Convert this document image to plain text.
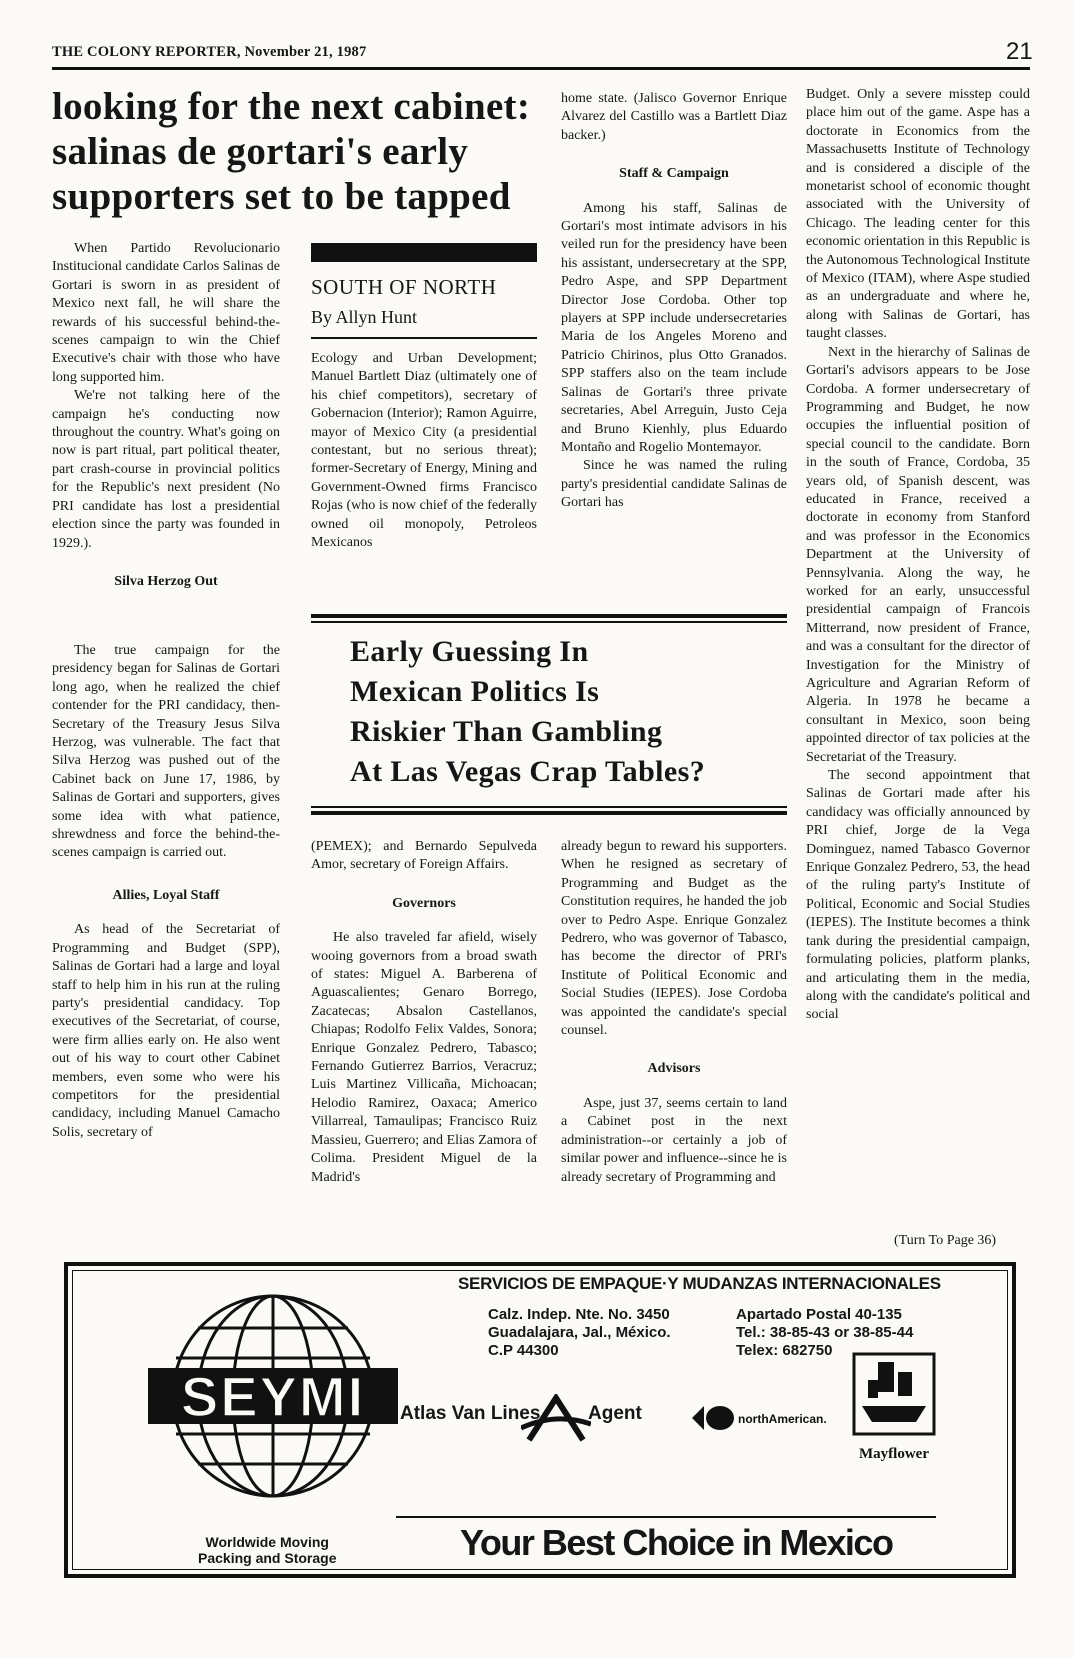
THE COLONY REPORTER, November 21, 1987	21
looking for the next cabinet: salinas de gortari's early supporters set to be tapped

When Partido Revolucionario Institucional candidate Carlos Salinas de Gortari is sworn in as president of Mexico next fall, he will share the rewards of his successful behind-the-scenes campaign to win the Chief Executive's chair with those who have long supported him.

We're not talking here of the campaign he's conducting now throughout the country. What's going on now is part ritual, part political theater, part crash-course in provincial politics for the Republic's next president (No PRI candidate has lost a presidential election since the party was founded in 1929.).

Silva Herzog Out

The true campaign for the presidency began for Salinas de Gortari long ago, when he realized the chief contender for the PRI candidacy, then-Secretary of the Treasury Jesus Silva Herzog, was vulnerable. The fact that Silva Herzog was pushed out of the Cabinet back on June 17, 1986, by Salinas de Gortari and supporters, gives some idea with what patience, shrewdness and force the behind-the-scenes campaign is carried out.

Allies, Loyal Staff

As head of the Secretariat of Programming and Budget (SPP), Salinas de Gortari had a large and loyal staff to help him in his run at the ruling party's presidential candidacy. Top executives of the Secretariat, of course, were firm allies early on. He also went out of his way to court other Cabinet members, even some who were his competitors for the presidential candidacy, including Manuel Camacho Solis, secretary of

SOUTH OF NORTH
By Allyn Hunt

Ecology and Urban Development; Manuel Bartlett Diaz (ultimately one of his chief competitors), secretary of Gobernacion (Interior); Ramon Aguirre, mayor of Mexico City (a presidential contestant, but no serious threat); former-Secretary of Energy, Mining and Government-Owned firms Francisco Rojas (who is now chief of the federally owned oil monopoly, Petroleos Mexicanos

(PEMEX); and Bernardo Sepulveda Amor, secretary of Foreign Affairs.

Governors

He also traveled far afield, wisely wooing governors from a broad swath of states: Miguel A. Barberena of Aguascalientes; Genaro Borrego, Zacatecas; Absalon Castellanos, Chiapas; Rodolfo Felix Valdes, Sonora; Enrique Gonzalez Pedrero, Tabasco; Fernando Gutierrez Barrios, Veracruz; Luis Martinez Villicaña, Michoacan; Helodio Ramirez, Oaxaca; Americo Villarreal, Tamaulipas; Francisco Ruiz Massieu, Guerrero; and Elias Zamora of Colima. President Miguel de la Madrid's

home state. (Jalisco Governor Enrique Alvarez del Castillo was a Bartlett Diaz backer.)

Staff & Campaign

Among his staff, Salinas de Gortari's most intimate advisors in his veiled run for the presidency have been his assistant, undersecretary at the SPP, Pedro Aspe, and SPP Department Director Jose Cordoba. Other top players at SPP include undersecretaries Maria de los Angeles Moreno and Patricio Chirinos, plus Otto Granados. SPP staffers also on the team include Salinas de Gortari's three private secretaries, Abel Arreguin, Justo Ceja and Bruno Kienhly, plus Eduardo Montaño and Rogelio Montemayor.

Since he was named the ruling party's presidential candidate Salinas de Gortari has

already begun to reward his supporters. When he resigned as secretary of Programming and Budget as the Constitution requires, he handed the job over to Pedro Aspe. Enrique Gonzalez Pedrero, who was governor of Tabasco, has become the director of PRI's Institute of Political Economic and Social Studies (IEPES). Jose Cordoba was appointed the candidate's special counsel.

Advisors

Aspe, just 37, seems certain to land a Cabinet post in the next administration--or certainly a job of similar power and influence--since he is already secretary of Programming and

Budget. Only a severe misstep could place him out of the game. Aspe has a doctorate in Economics from the Massachusetts Institute of Technology and is considered a disciple of the monetarist school of economic thought associated with the University of Chicago. The leading center for this economic orientation in this Republic is the Autonomous Technological Institute of Mexico (ITAM), where Aspe studied as an undergraduate and where he, along with Salinas de Gortari, has taught classes.

Next in the hierarchy of Salinas de Gortari's advisors appears to be Jose Cordoba. A former undersecretary of Programming and Budget, he now occupies the influential position of special council to the candidate. Born in the south of France, Cordoba, 35 years old, of Spanish descent, was educated in France, received a doctorate in economy from Stanford and was professor in the Economics Department at the University of Pennsylvania. Along the way, he worked for an early, unsuccessful presidential campaign of Francois Mitterrand, now president of France, and was a consultant for the director of Investigation for the Ministry of Agriculture and Agrarian Reform of Algeria. In 1978 he became a consultant in Mexico, soon being appointed director of tax policies at the Secretariat of the Treasury.

The second appointment that Salinas de Gortari made after his candidacy was officially announced by PRI chief, Jorge de la Vega Dominguez, named Tabasco Governor Enrique Gonzalez Pedrero, 53, the head of the ruling party's Institute of Political, Economic and Social Studies (IEPES). The Institute becomes a think tank during the presidential campaign, formulating policies, platform planks, and articulating them in the media, along with the candidate's political and social

Early Guessing In
Mexican Politics Is
Riskier Than Gambling
At Las Vegas Crap Tables?
(Turn To Page 36)
SEYMI
Worldwide Moving
Packing and Storage
SERVICIOS DE EMPAQUE·Y MUDANZAS INTERNACIONALES
Calz. Indep. Nte. No. 3450
Guadalajara, Jal., México.
C.P 44300
Apartado Postal 40-135
Tel.: 38-85-43 or 38-85-44
Telex: 682750
Atlas Van Lines	Agent	northAmerican.
Mayflower
Your Best Choice in Mexico
